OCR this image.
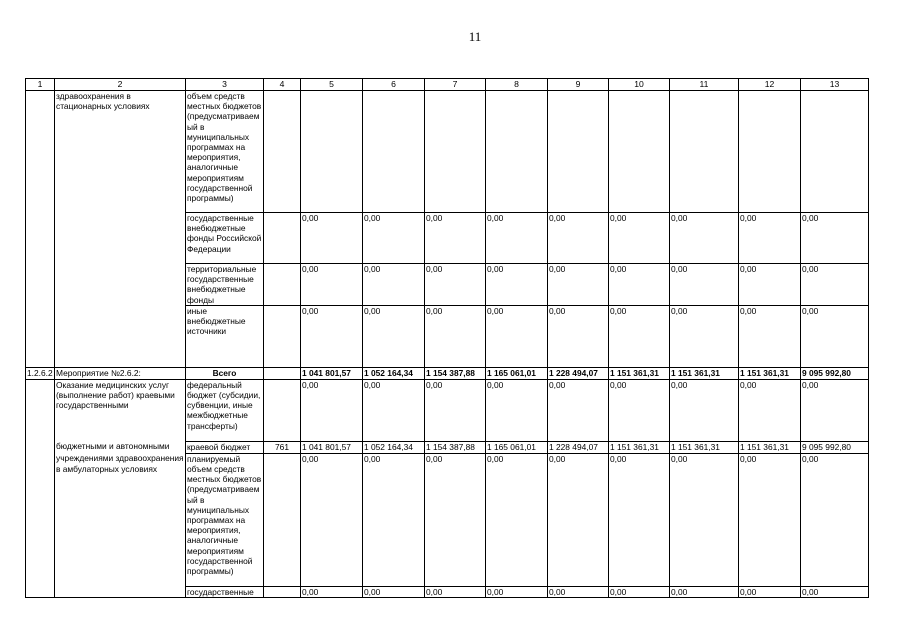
11
1	2	3	4	5	6	7	8	9	10	11	12	13
	здравоохранения в стационарных условиях	объем средств местных бюджетов (предусматриваем ый в муниципальных программах на мероприятия, аналогичные мероприятиям государственной программы)										
		государственные внебюджетные фонды Российской Федерации		0,00	0,00	0,00	0,00	0,00	0,00	0,00	0,00	0,00
		территориальные государственные внебюджетные фонды		0,00	0,00	0,00	0,00	0,00	0,00	0,00	0,00	0,00
		иные внебюджетные источники		0,00	0,00	0,00	0,00	0,00	0,00	0,00	0,00	0,00
1.2.6.2	Мероприятие №2.6.2:	Всего		1 041 801,57	1 052 164,34	1 154 387,88	1 165 061,01	1 228 494,07	1 151 361,31	1 151 361,31	1 151 361,31	9 095 992,80
	Оказание медицинских услуг (выполнение работ) краевыми государственными	федеральный бюджет (субсидии, субвенции, иные межбюджетные трансферты)		0,00	0,00	0,00	0,00	0,00	0,00	0,00	0,00	0,00
	бюджетными и автономными	краевой бюджет	761	1 041 801,57	1 052 164,34	1 154 387,88	1 165 061,01	1 228 494,07	1 151 361,31	1 151 361,31	1 151 361,31	9 095 992,80
	учреждениями здравоохранения в амбулаторных условиях	планируемый объем средств местных бюджетов (предусматриваем ый в муниципальных программах на мероприятия, аналогичные мероприятиям государственной программы)		0,00	0,00	0,00	0,00	0,00	0,00	0,00	0,00	0,00
		государственные		0,00	0,00	0,00	0,00	0,00	0,00	0,00	0,00	0,00
